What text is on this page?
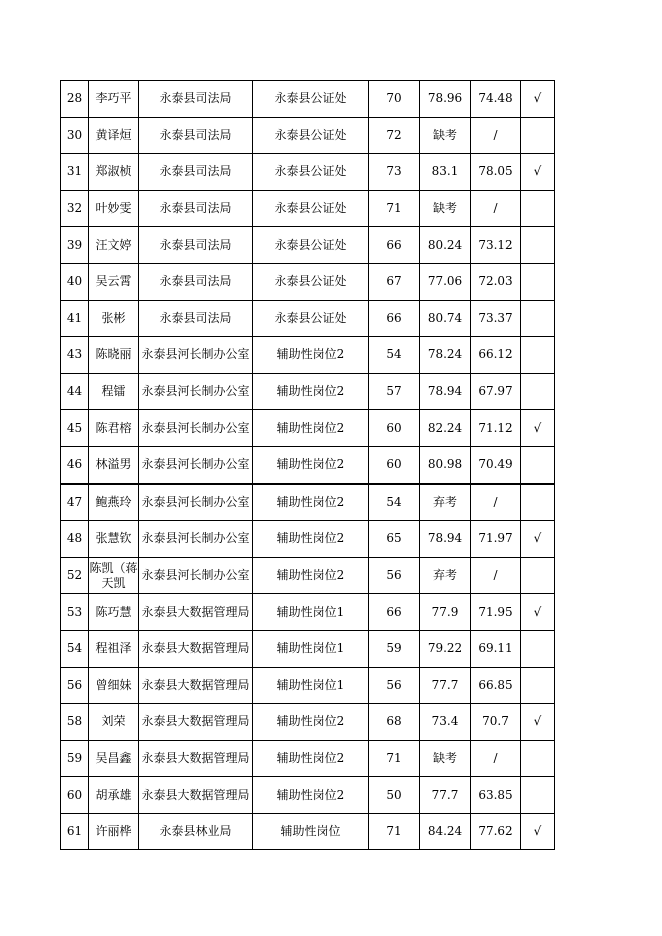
28	李巧平	永泰县司法局	永泰县公证处	70	78.96	74.48	√
30	黄译烜	永泰县司法局	永泰县公证处	72	缺考	/	
31	郑淑桢	永泰县司法局	永泰县公证处	73	83.1	78.05	√
32	叶妙雯	永泰县司法局	永泰县公证处	71	缺考	/	
39	汪文婷	永泰县司法局	永泰县公证处	66	80.24	73.12	
40	吴云霄	永泰县司法局	永泰县公证处	67	77.06	72.03	
41	张彬	永泰县司法局	永泰县公证处	66	80.74	73.37	
43	陈晓丽	永泰县河长制办公室	辅助性岗位2	54	78.24	66.12	
44	程镭	永泰县河长制办公室	辅助性岗位2	57	78.94	67.97	
45	陈君榕	永泰县河长制办公室	辅助性岗位2	60	82.24	71.12	√
46	林溢男	永泰县河长制办公室	辅助性岗位2	60	80.98	70.49	
47	鲍燕玲	永泰县河长制办公室	辅助性岗位2	54	弃考	/	
48	张慧钦	永泰县河长制办公室	辅助性岗位2	65	78.94	71.97	√
52	陈凯（蒋天凯	永泰县河长制办公室	辅助性岗位2	56	弃考	/	
53	陈巧慧	永泰县大数据管理局	辅助性岗位1	66	77.9	71.95	√
54	程祖泽	永泰县大数据管理局	辅助性岗位1	59	79.22	69.11	
56	曾细妹	永泰县大数据管理局	辅助性岗位1	56	77.7	66.85	
58	刘荣	永泰县大数据管理局	辅助性岗位2	68	73.4	70.7	√
59	吴昌鑫	永泰县大数据管理局	辅助性岗位2	71	缺考	/	
60	胡承雄	永泰县大数据管理局	辅助性岗位2	50	77.7	63.85	
61	许丽桦	永泰县林业局	辅助性岗位	71	84.24	77.62	√
